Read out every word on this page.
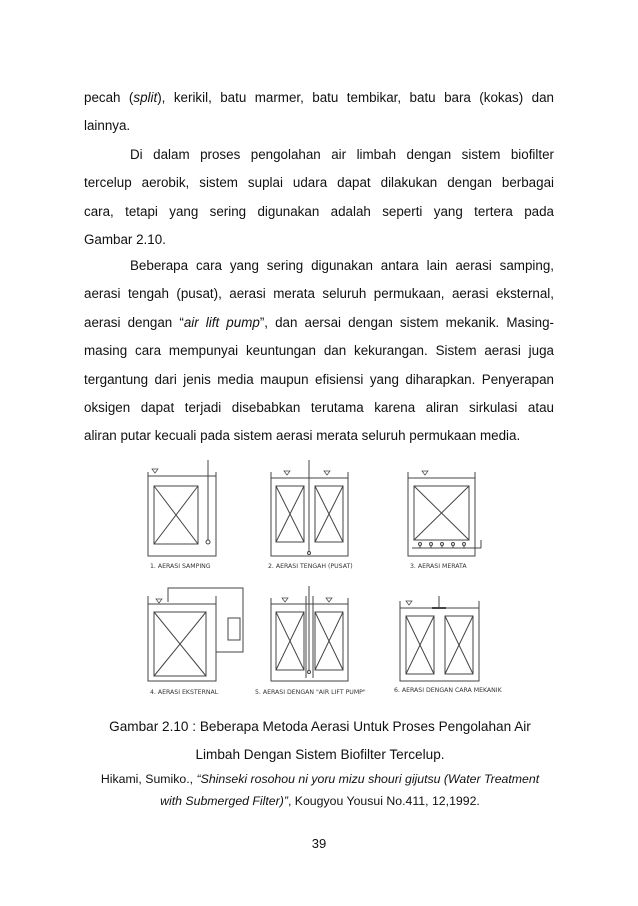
pecah (split), kerikil, batu marmer, batu tembikar, batu bara (kokas) dan
lainnya.
Di dalam proses pengolahan air limbah dengan sistem biofilter
tercelup aerobik, sistem suplai udara dapat dilakukan dengan berbagai
cara, tetapi yang sering digunakan adalah seperti yang tertera pada
Gambar 2.10.
Beberapa cara yang sering digunakan antara lain aerasi samping,
aerasi tengah (pusat), aerasi merata seluruh permukaan, aerasi eksternal,
aerasi dengan “air lift pump”, dan aersai dengan sistem mekanik. Masing-
masing cara mempunyai keuntungan dan kekurangan. Sistem aerasi juga
tergantung dari jenis media maupun efisiensi yang diharapkan. Penyerapan
oksigen dapat terjadi disebabkan terutama karena aliran sirkulasi atau
aliran putar kecuali pada sistem aerasi merata seluruh permukaan media.
1. AERASI SAMPING	2. AERASI TENGAH (PUSAT)	3. AERASI MERATA
4. AERASI EKSTERNAL	5. AERASI DENGAN "AIR LIFT PUMP"	6. AERASI DENGAN CARA MEKANIK
Gambar 2.10 : Beberapa Metoda Aerasi Untuk Proses Pengolahan Air
Limbah Dengan Sistem Biofilter Tercelup.
Hikami, Sumiko., “Shinseki rosohou ni yoru mizu shouri gijutsu (Water Treatment
with Submerged Filter)”, Kougyou Yousui No.411, 12,1992.
39
